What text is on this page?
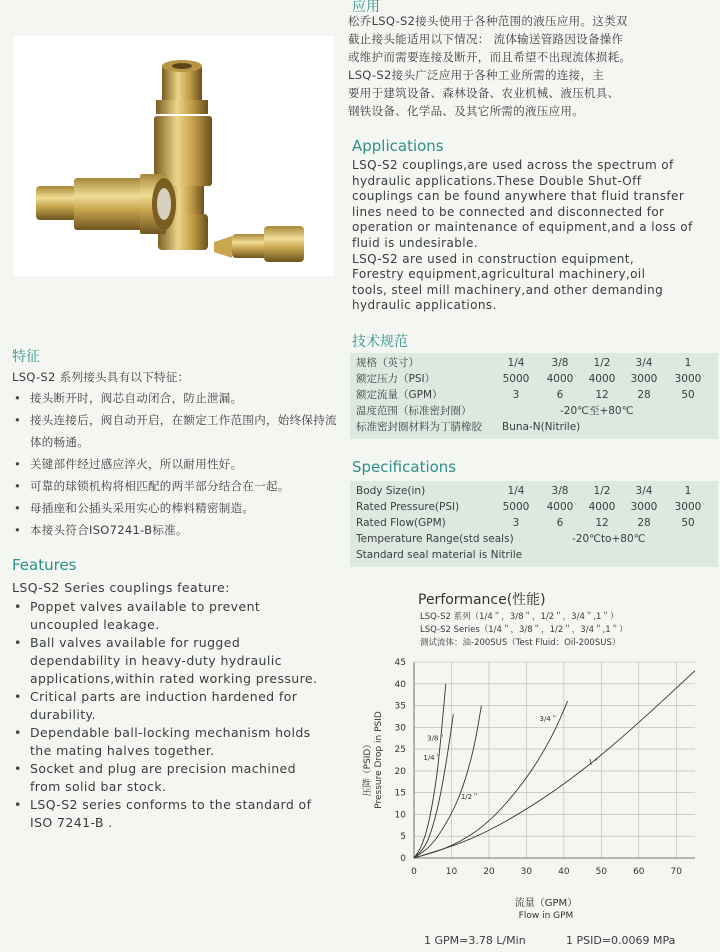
应用
松乔LSQ-S2接头使用于各种范围的液压应用。这类双
截止接头能适用以下情况： 流体输送管路因设备操作
或维护而需要连接及断开，而且希望不出现流体损耗。
LSQ-S2接头广泛应用于各种工业所需的连接，主
要用于建筑设备、森林设备、农业机械、液压机具、
钢铁设备、化学品、及其它所需的液压应用。
Applications
LSQ-S2 couplings,are used across the spectrum of
hydraulic applications.These Double Shut-Off
couplings can be found anywhere that fluid transfer
lines need to be connected and disconnected for
operation or maintenance of equipment,and a loss of
fluid is undesirable.
LSQ-S2 are used in construction equipment,
Forestry equipment,agricultural machinery,oil
tools, steel mill machinery,and other demanding
hydraulic applications.
技术规范
规格（英寸）	1/4	3/8	1/2	3/4	1
额定压力（PSI）	5000	4000	4000	3000	3000
额定流量（GPM）	3	6	12	28	50
温度范围（标准密封圈）	-20℃至+80℃
标准密封圈材料为丁腈橡胶 Buna-N(Nitrile)
Specifications
Body Size(in)	1/4	3/8	1/2	3/4	1
Rated Pressure(PSI)	5000	4000	4000	3000	3000
Rated Flow(GPM)	3	6	12	28	50
Temperature Range(std seals)	-20℃to+80℃
Standard seal material is Nitrile
特征
LSQ-S2 系列接头具有以下特征：
• 接头断开时，阀芯自动闭合，防止泄漏。
• 接头连接后，阀自动开启，在额定工作范围内，始终保持流体的畅通。
• 关键部件经过感应淬火，所以耐用性好。
• 可靠的球锁机构将相匹配的两半部分结合在一起。
• 母插座和公插头采用实心的棒料精密制造。
• 本接头符合ISO7241-B标准。
Features
LSQ-S2 Series couplings feature:
• Poppet valves available to prevent uncoupled leakage.
• Ball valves available for rugged dependability in heavy-duty hydraulic applications,within rated working pressure.
• Critical parts are induction hardened for durability.
• Dependable ball-locking mechanism holds the mating halves together.
• Socket and plug are precision machined from solid bar stock.
• LSQ-S2 series conforms to the standard of ISO 7241-B .
Performance(性能)
LSQ-S2 系列（1/4＂，3/8＂，1/2＂，3/4＂,1＂）
LSQ-S2 Series（1/4＂，3/8＂，1/2＂，3/4＂,1＂）
测试流体：油-200SUS（Test Fluid：Oil-200SUS）
1/4＂
3/8＂
1/2＂
3/4＂
1＂
0
5
10
15
20
25
30
35
40
45
0	10	20	30	40	50	60	70
压降（PSID） Pressure Drop in PSID
流量（GPM）
Flow in GPM
1 GPM=3.78 L/Min	1 PSID=0.0069 MPa
